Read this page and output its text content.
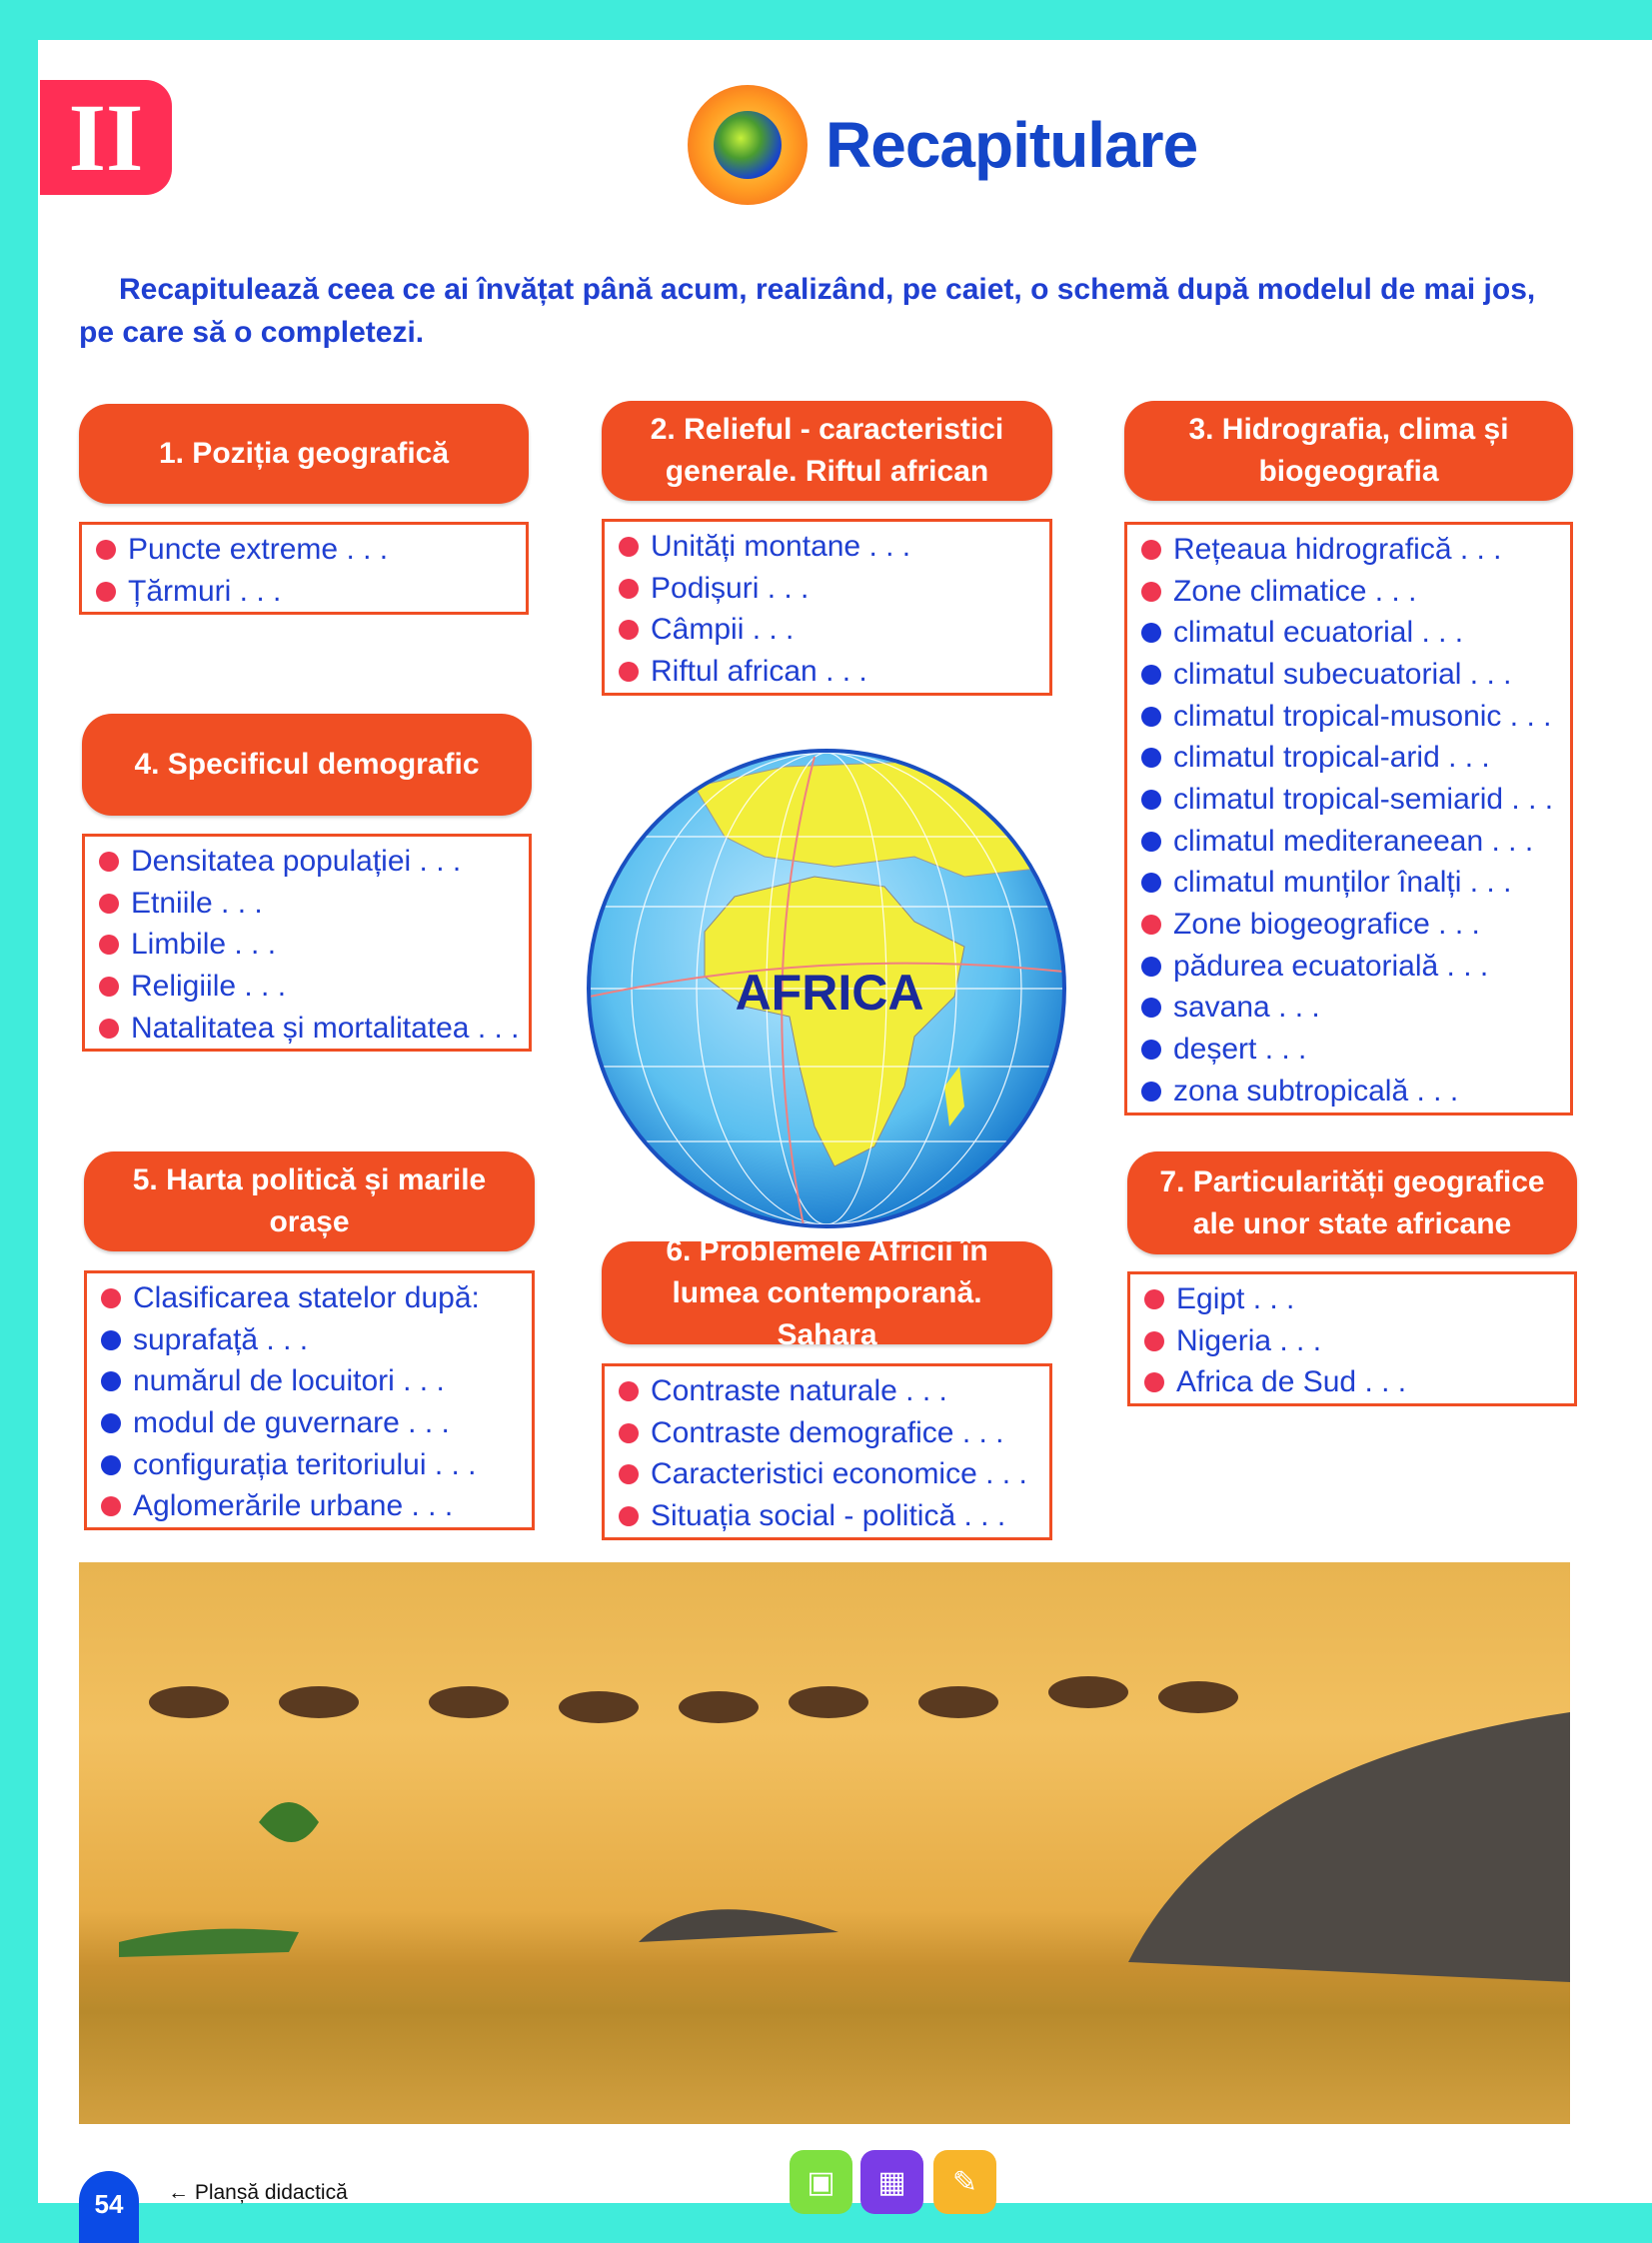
II	Recapitulare
Recapitulează ceea ce ai învățat până acum, realizând, pe caiet, o schemă după modelul de mai jos, pe care să o completezi.
1. Poziția geografică
Puncte extreme . . .
Țărmuri . . .
2. Relieful - caracteristici generale. Riftul african
Unități montane . . .
Podișuri . . .
Câmpii . . .
Riftul african . . .
3. Hidrografia, clima și biogeografia
Rețeaua hidrografică . . .
Zone climatice . . .
climatul ecuatorial . . .
climatul subecuatorial . . .
climatul tropical-musonic . . .
climatul tropical-arid . . .
climatul tropical-semiarid . . .
climatul mediteraneean . . .
climatul munților înalți . . .
Zone biogeografice . . .
pădurea ecuatorială . . .
savana . . .
deșert . . .
zona subtropicală . . .
4. Specificul demografic
Densitatea populației . . .
Etniile . . .
Limbile . . .
Religiile . . .
Natalitatea și mortalitatea . . .
5. Harta politică și marile orașe
Clasificarea statelor după:
suprafață . . .
numărul de locuitori . . .
modul de guvernare . . .
configurația teritoriului . . .
Aglomerările urbane . . .
6. Problemele Africii în lumea contemporană. Sahara
Contraste naturale . . .
Contraste demografice . . .
Caracteristici economice . . .
Situația social - politică . . .
7. Particularități geografice ale unor state africane
Egipt . . .
Nigeria . . .
Africa de Sud . . .
AFRICA
54	← Planșă didactică	▣	▦	✎
